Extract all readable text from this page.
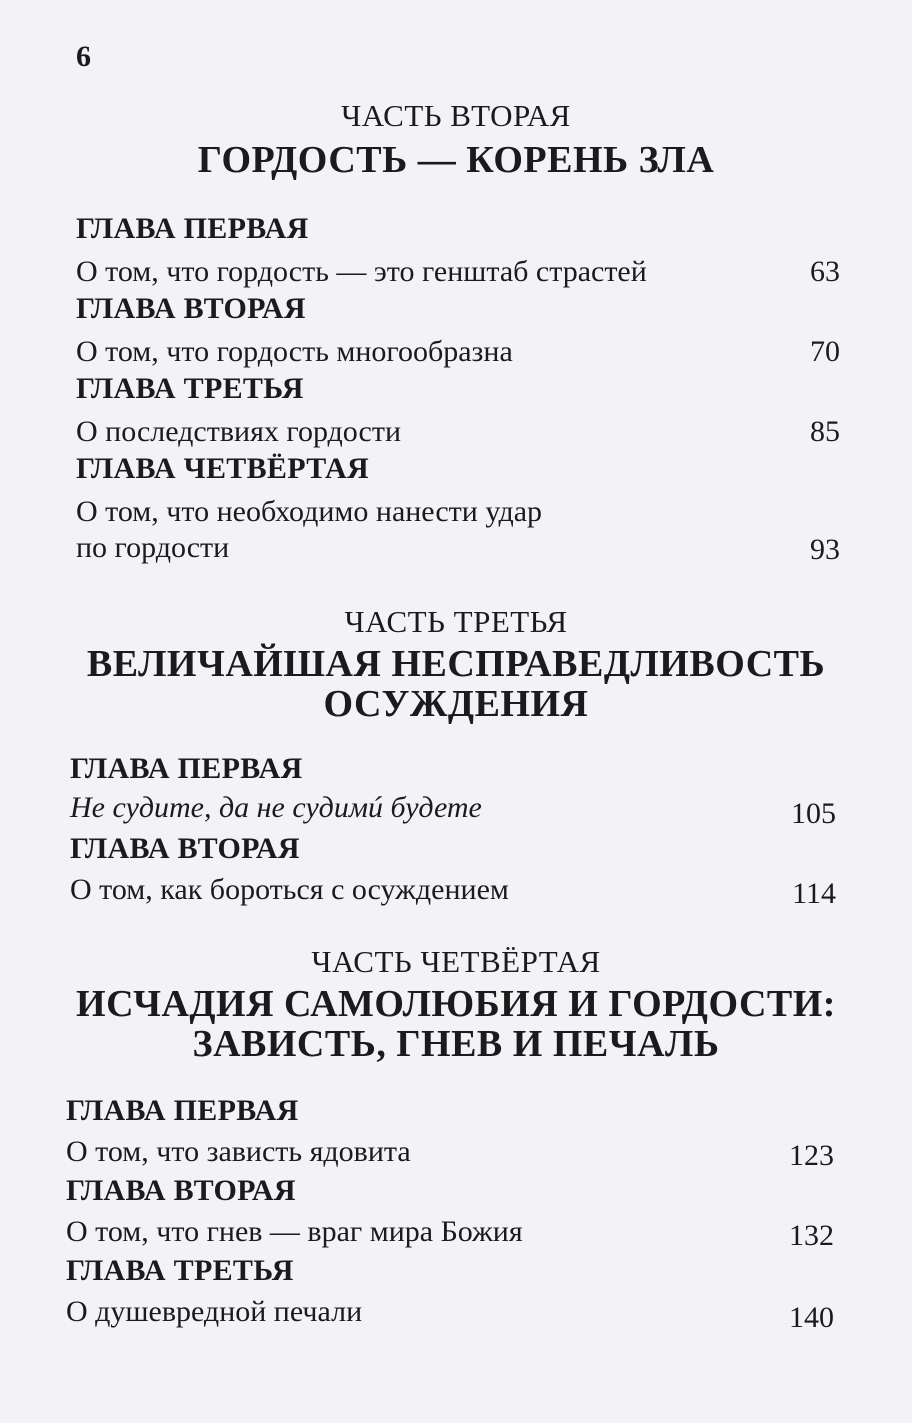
6
ЧАСТЬ ВТОРАЯ
ГОРДОСТЬ — КОРЕНЬ ЗЛА
ГЛАВА ПЕРВАЯ
О том, что гордость — это генштаб страстей	63
ГЛАВА ВТОРАЯ
О том, что гордость многообразна	70
ГЛАВА ТРЕТЬЯ
О последствиях гордости	85
ГЛАВА ЧЕТВЁРТАЯ
О том, что необходимо нанести удар
по гордости	93
ЧАСТЬ ТРЕТЬЯ
ВЕЛИЧАЙШАЯ НЕСПРАВЕДЛИВОСТЬ
ОСУЖДЕНИЯ
ГЛАВА ПЕРВАЯ
Не судите, да не судимú будете	105
ГЛАВА ВТОРАЯ
О том, как бороться с осуждением	114
ЧАСТЬ ЧЕТВЁРТАЯ
ИСЧАДИЯ САМОЛЮБИЯ И ГОРДОСТИ:
ЗАВИСТЬ, ГНЕВ И ПЕЧАЛЬ
ГЛАВА ПЕРВАЯ
О том, что зависть ядовита	123
ГЛАВА ВТОРАЯ
О том, что гнев — враг мира Божия	132
ГЛАВА ТРЕТЬЯ
О душевредной печали	140
